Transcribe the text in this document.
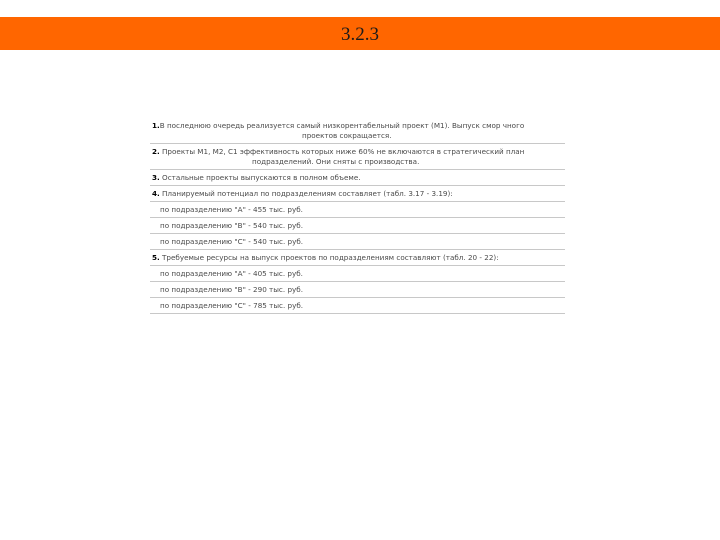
3.2.3
1.В последнюю очередь реализуется самый низкорентабельный проект (М1). Выпуск смор чного
проектов сокращается.

2. Проекты М1, М2, С1 эффективность которых ниже 60% не включаются в стратегический план
подразделений. Они сняты с производства.

3. Остальные проекты выпускаются в полном объеме.
4. Планируемый потенциал по подразделениям составляет (табл. 3.17 - 3.19):
по подразделению "А" - 455 тыс. руб.
по подразделению "В" - 540 тыс. руб.
по подразделению "С" - 540 тыс. руб.
5. Требуемые ресурсы на выпуск проектов по подразделениям составляют (табл. 20 - 22):
по подразделению "А" - 405 тыс. руб.
по подразделению "В" - 290 тыс. руб.
по подразделению "С" - 785 тыс. руб.
